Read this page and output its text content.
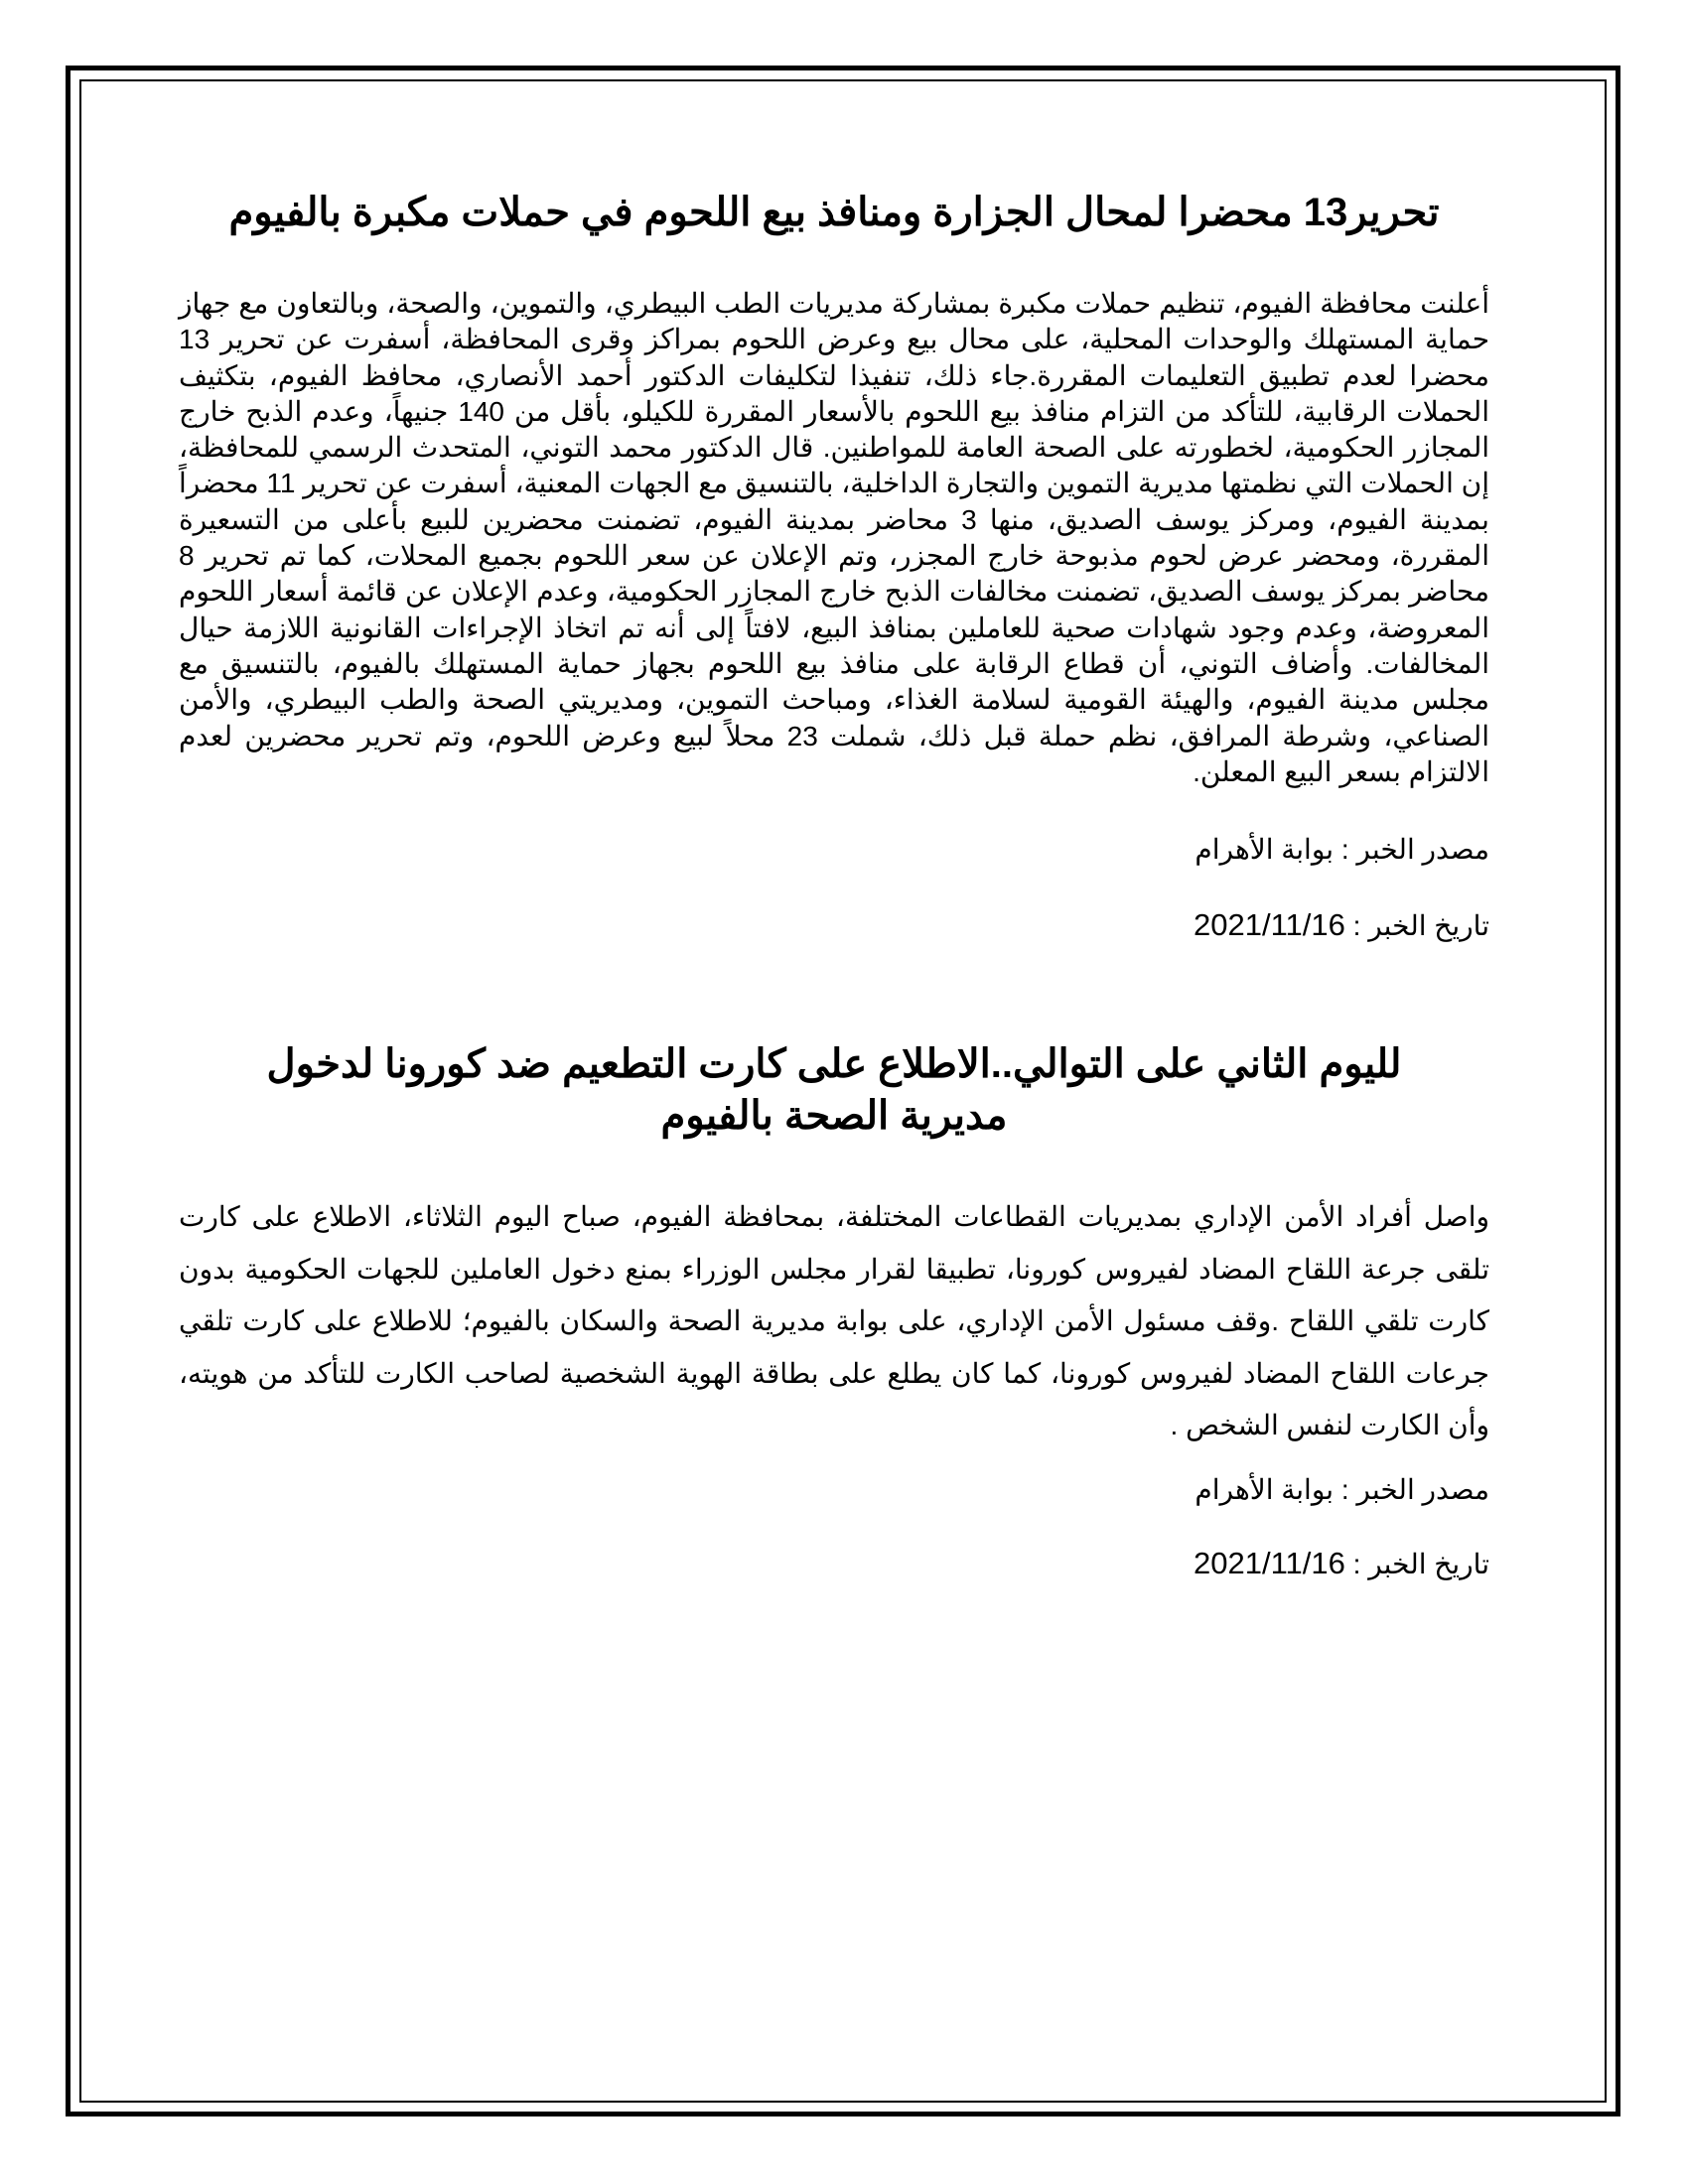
تحرير13 محضرا لمحال الجزارة ومنافذ بيع اللحوم في حملات مكبرة بالفيوم

أعلنت محافظة الفيوم، تنظيم حملات مكبرة بمشاركة مديريات الطب البيطري، والتموين، والصحة، وبالتعاون مع جهاز حماية المستهلك والوحدات المحلية، على محال بيع وعرض اللحوم بمراكز وقرى المحافظة، أسفرت عن تحرير 13 محضرا لعدم تطبيق التعليمات المقررة.جاء ذلك، تنفيذا لتكليفات الدكتور أحمد الأنصاري، محافظ الفيوم، بتكثيف الحملات الرقابية، للتأكد من التزام منافذ بيع اللحوم بالأسعار المقررة للكيلو، بأقل من 140 جنيهاً، وعدم الذبح خارج المجازر الحكومية، لخطورته على الصحة العامة للمواطنين. قال الدكتور محمد التوني، المتحدث الرسمي للمحافظة، إن الحملات التي نظمتها مديرية التموين والتجارة الداخلية، بالتنسيق مع الجهات المعنية، أسفرت عن تحرير 11 محضراً بمدينة الفيوم، ومركز يوسف الصديق، منها 3 محاضر بمدينة الفيوم، تضمنت محضرين للبيع بأعلى من التسعيرة المقررة، ومحضر عرض لحوم مذبوحة خارج المجزر، وتم الإعلان عن سعر اللحوم بجميع المحلات، كما تم تحرير 8 محاضر بمركز يوسف الصديق، تضمنت مخالفات الذبح خارج المجازر الحكومية، وعدم الإعلان عن قائمة أسعار اللحوم المعروضة، وعدم وجود شهادات صحية للعاملين بمنافذ البيع، لافتاً إلى أنه تم اتخاذ الإجراءات القانونية اللازمة حيال المخالفات. وأضاف التوني، أن قطاع الرقابة على منافذ بيع اللحوم بجهاز حماية المستهلك بالفيوم، بالتنسيق مع مجلس مدينة الفيوم، والهيئة القومية لسلامة الغذاء، ومباحث التموين، ومديريتي الصحة والطب البيطري، والأمن الصناعي، وشرطة المرافق، نظم حملة قبل ذلك، شملت 23 محلاً لبيع وعرض اللحوم، وتم تحرير محضرين لعدم الالتزام بسعر البيع المعلن.

مصدر الخبر : بوابة الأهرام

تاريخ الخبر : 2021/11/16

لليوم الثاني على التوالي..الاطلاع على كارت التطعيم ضد كورونا لدخول مديرية الصحة بالفيوم

واصل أفراد الأمن الإداري بمديريات القطاعات المختلفة، بمحافظة الفيوم، صباح اليوم الثلاثاء، الاطلاع على كارت تلقى جرعة اللقاح المضاد لفيروس كورونا، تطبيقا لقرار مجلس الوزراء بمنع دخول العاملين للجهات الحكومية بدون كارت تلقي اللقاح .وقف مسئول الأمن الإداري، على بوابة مديرية الصحة والسكان بالفيوم؛ للاطلاع على كارت تلقي جرعات اللقاح المضاد لفيروس كورونا، كما كان يطلع على بطاقة الهوية الشخصية لصاحب الكارت للتأكد من هويته، وأن الكارت لنفس الشخص .

مصدر الخبر : بوابة الأهرام

تاريخ الخبر : 2021/11/16
